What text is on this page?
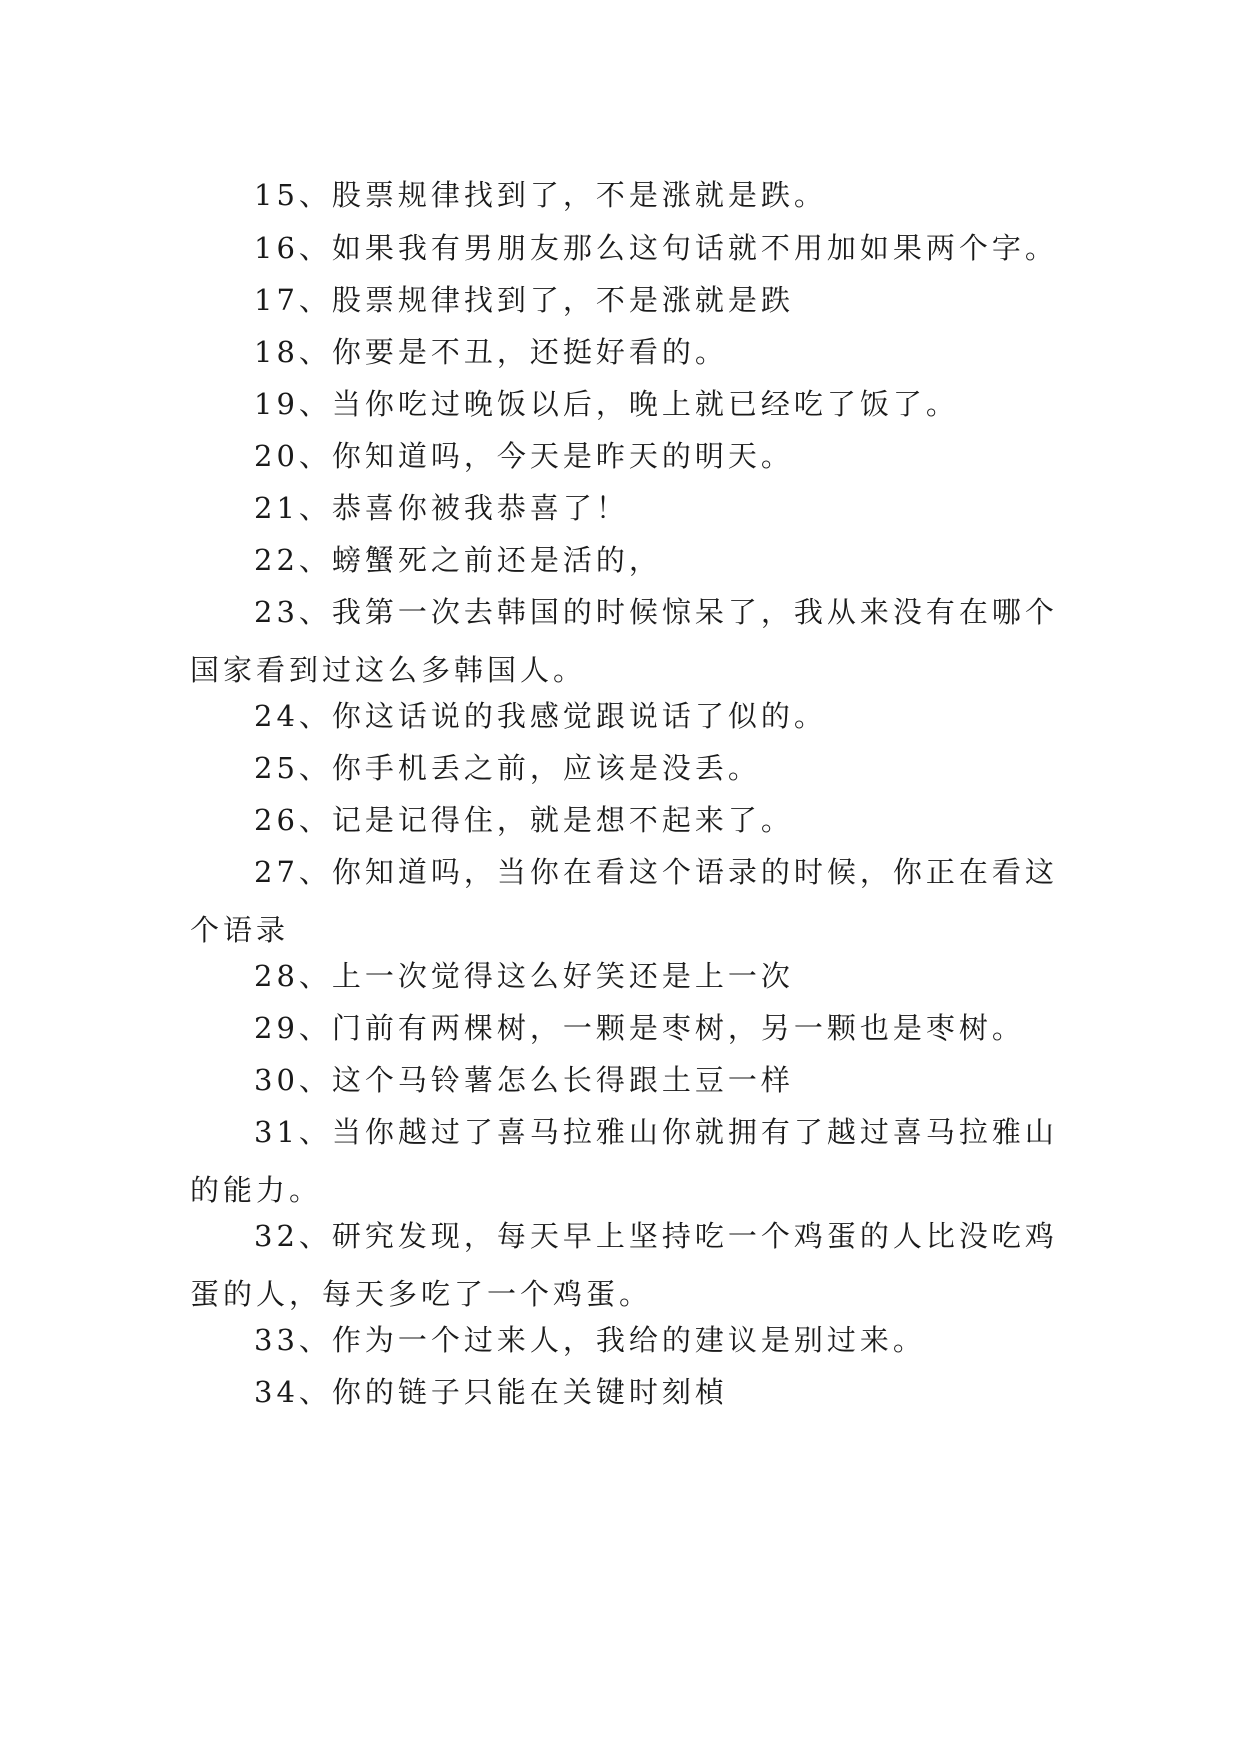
15、股票规律找到了，不是涨就是跌。

16、如果我有男朋友那么这句话就不用加如果两个字。

17、股票规律找到了，不是涨就是跌

18、你要是不丑，还挺好看的。

19、当你吃过晚饭以后，晚上就已经吃了饭了。

20、你知道吗，今天是昨天的明天。

21、恭喜你被我恭喜了！

22、螃蟹死之前还是活的，

23、我第一次去韩国的时候惊呆了，我从来没有在哪个国家看到过这么多韩国人。

24、你这话说的我感觉跟说话了似的。

25、你手机丢之前，应该是没丢。

26、记是记得住，就是想不起来了。

27、你知道吗，当你在看这个语录的时候，你正在看这个语录

28、上一次觉得这么好笑还是上一次

29、门前有两棵树，一颗是枣树，另一颗也是枣树。

30、这个马铃薯怎么长得跟土豆一样

31、当你越过了喜马拉雅山你就拥有了越过喜马拉雅山的能力。

32、研究发现，每天早上坚持吃一个鸡蛋的人比没吃鸡蛋的人，每天多吃了一个鸡蛋。

33、作为一个过来人，我给的建议是别过来。

34、你的链子只能在关键时刻楨
